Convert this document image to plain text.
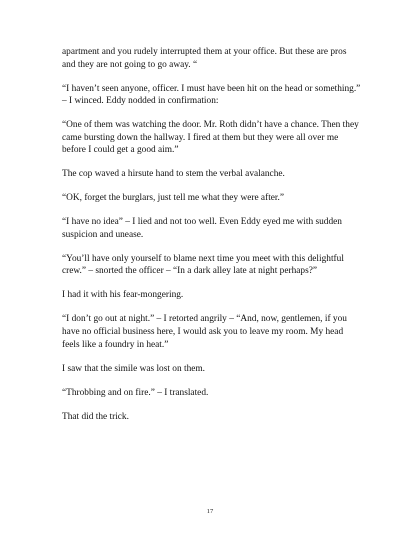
apartment and you rudely interrupted them at your office. But these are pros and they are not going to go away. “

“I haven’t seen anyone, officer. I must have been hit on the head or something.” – I winced. Eddy nodded in confirmation:

“One of them was watching the door. Mr. Roth didn’t have a chance. Then they came bursting down the hallway. I fired at them but they were all over me before I could get a good aim.”

The cop waved a hirsute hand to stem the verbal avalanche.

“OK, forget the burglars, just tell me what they were after.”

“I have no idea” – I lied and not too well. Even Eddy eyed me with sudden suspicion and unease.

“You’ll have only yourself to blame next time you meet with this delightful crew.” – snorted the officer – “In a dark alley late at night perhaps?”

I had it with his fear-mongering.

“I don’t go out at night.” – I retorted angrily – “And, now, gentlemen, if you have no official business here, I would ask you to leave my room. My head feels like a foundry in heat.”

I saw that the simile was lost on them.

“Throbbing and on fire.” – I translated.

That did the trick.

17
